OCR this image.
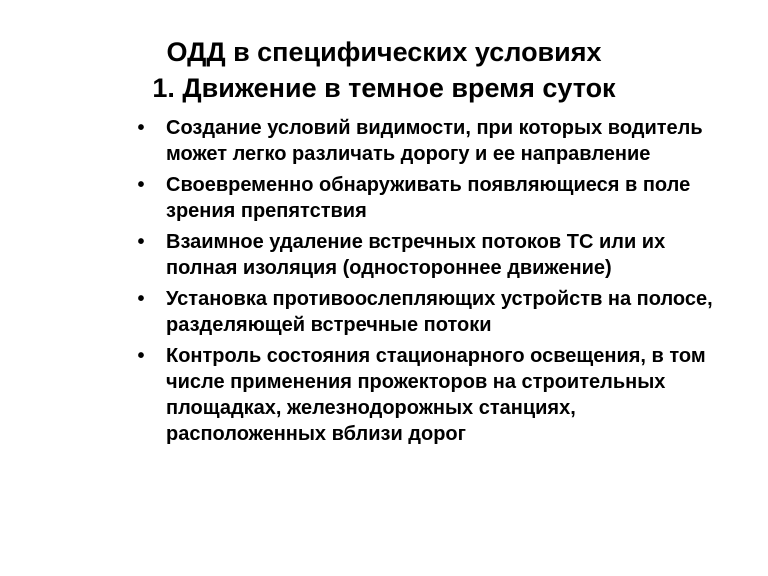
ОДД в специфических условиях
1. Движение в темное время суток
• Создание условий видимости, при которых водитель может легко различать дорогу и ее направление
• Своевременно обнаруживать появляющиеся в поле зрения препятствия
• Взаимное удаление встречных потоков ТС или их полная изоляция (одностороннее движение)
• Установка противоослепляющих устройств на полосе, разделяющей встречные потоки
• Контроль состояния стационарного освещения, в том числе применения прожекторов на строительных площадках, железнодорожных станциях, расположенных вблизи дорог
